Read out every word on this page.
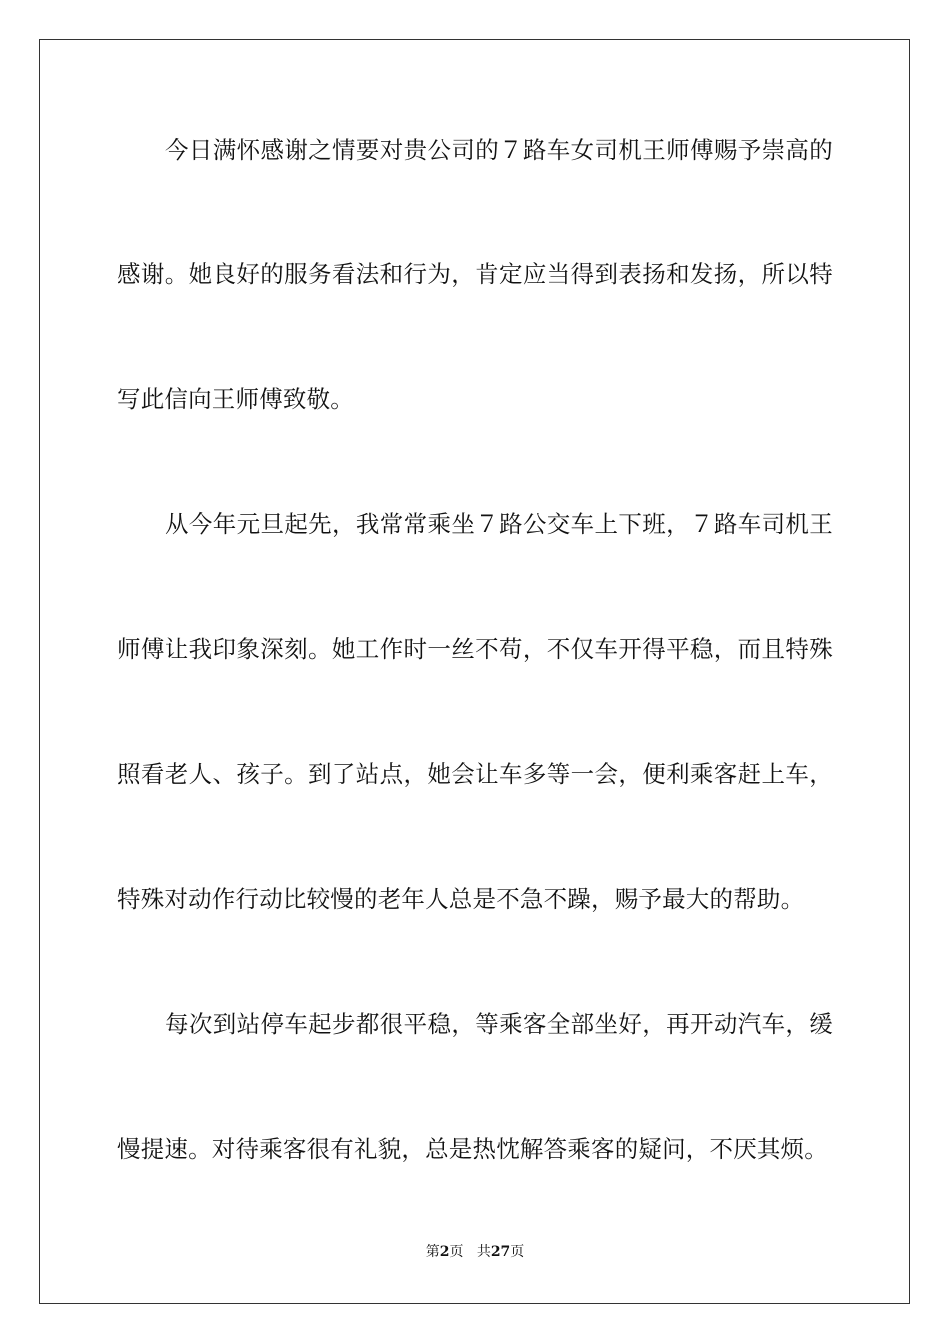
今日满怀感谢之情要对贵公司的７路车女司机王师傅赐予崇高的
感谢。她良好的服务看法和行为，肯定应当得到表扬和发扬，所以特
写此信向王师傅致敬。
从今年元旦起先，我常常乘坐７路公交车上下班，７路车司机王
师傅让我印象深刻。她工作时一丝不苟，不仅车开得平稳，而且特殊
照看老人、孩子。到了站点，她会让车多等一会，便利乘客赶上车，
特殊对动作行动比较慢的老年人总是不急不躁，赐予最大的帮助。
每次到站停车起步都很平稳，等乘客全部坐好，再开动汽车，缓
慢提速。对待乘客很有礼貌，总是热忱解答乘客的疑问，不厌其烦。
第2页 共27页
